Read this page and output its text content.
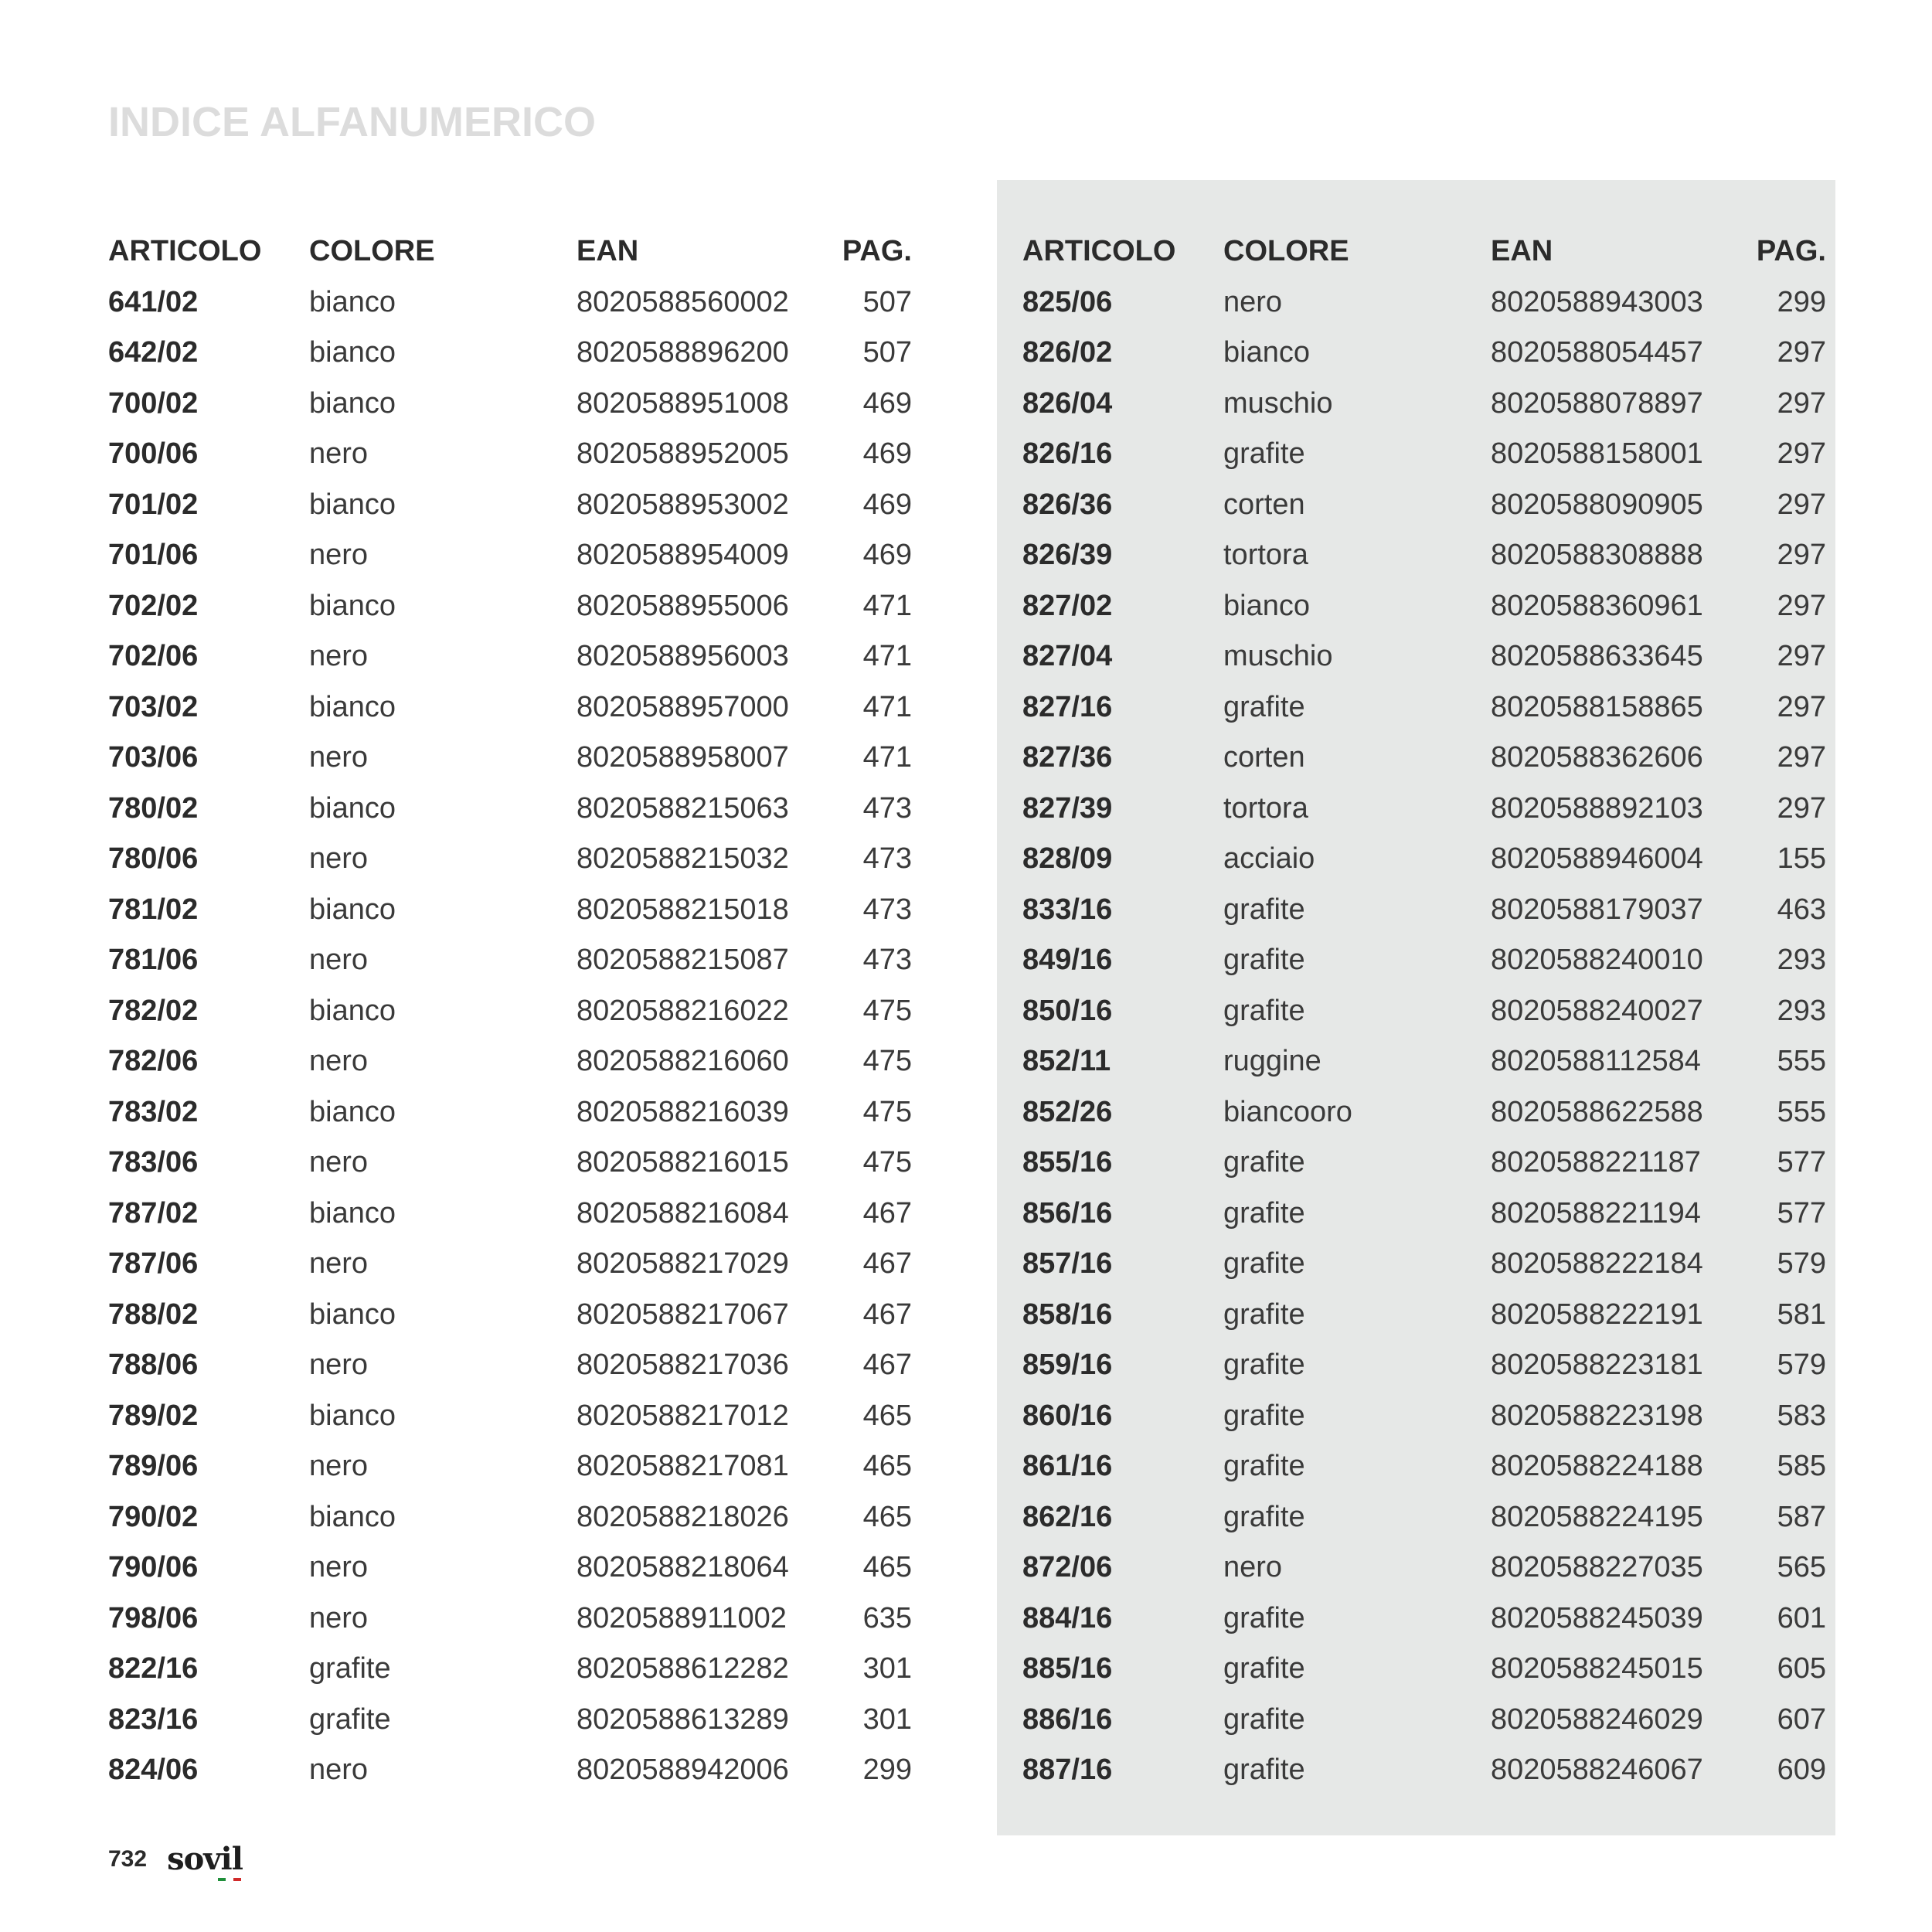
INDICE ALFANUMERICO
ARTICOLO	COLORE	EAN	PAG.
641/02	bianco	8020588560002	507
642/02	bianco	8020588896200	507
700/02	bianco	8020588951008	469
700/06	nero	8020588952005	469
701/02	bianco	8020588953002	469
701/06	nero	8020588954009	469
702/02	bianco	8020588955006	471
702/06	nero	8020588956003	471
703/02	bianco	8020588957000	471
703/06	nero	8020588958007	471
780/02	bianco	8020588215063	473
780/06	nero	8020588215032	473
781/02	bianco	8020588215018	473
781/06	nero	8020588215087	473
782/02	bianco	8020588216022	475
782/06	nero	8020588216060	475
783/02	bianco	8020588216039	475
783/06	nero	8020588216015	475
787/02	bianco	8020588216084	467
787/06	nero	8020588217029	467
788/02	bianco	8020588217067	467
788/06	nero	8020588217036	467
789/02	bianco	8020588217012	465
789/06	nero	8020588217081	465
790/02	bianco	8020588218026	465
790/06	nero	8020588218064	465
798/06	nero	8020588911002	635
822/16	grafite	8020588612282	301
823/16	grafite	8020588613289	301
824/06	nero	8020588942006	299
ARTICOLO	COLORE	EAN	PAG.
825/06	nero	8020588943003	299
826/02	bianco	8020588054457	297
826/04	muschio	8020588078897	297
826/16	grafite	8020588158001	297
826/36	corten	8020588090905	297
826/39	tortora	8020588308888	297
827/02	bianco	8020588360961	297
827/04	muschio	8020588633645	297
827/16	grafite	8020588158865	297
827/36	corten	8020588362606	297
827/39	tortora	8020588892103	297
828/09	acciaio	8020588946004	155
833/16	grafite	8020588179037	463
849/16	grafite	8020588240010	293
850/16	grafite	8020588240027	293
852/11	ruggine	8020588112584	555
852/26	biancooro	8020588622588	555
855/16	grafite	8020588221187	577
856/16	grafite	8020588221194	577
857/16	grafite	8020588222184	579
858/16	grafite	8020588222191	581
859/16	grafite	8020588223181	579
860/16	grafite	8020588223198	583
861/16	grafite	8020588224188	585
862/16	grafite	8020588224195	587
872/06	nero	8020588227035	565
884/16	grafite	8020588245039	601
885/16	grafite	8020588245015	605
886/16	grafite	8020588246029	607
887/16	grafite	8020588246067	609
732 sovil
